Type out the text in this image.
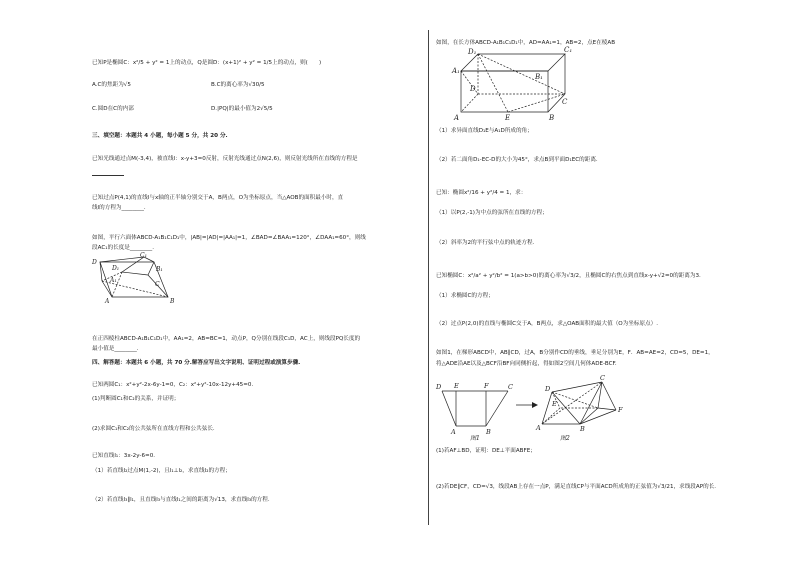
已知P是椭圆C：x²/5 + y² = 1上的动点，Q是圆D：(x+1)² + y² = 1/5上的动点，则(　　)
A.C的焦距为√5	B.C的离心率为√30/5
C.圆D在C的内部	D.|PQ|的最小值为2√5/5
三、填空题：本题共 4 小题，每小题 5 分，共 20 分.
已知光线通过点M(-3,4)，被直线l：x-y+3=0反射，反射光线通过点N(2,6)，则反射光线所在直线的方程是
已知过点P(4,1)的直线l与x轴的正半轴分别交于A，B两点，O为坐标原点，当△AOB的面积最小时，直
线l的方程为________.
如图，平行六面体ABCD-A₁B₁C₁D₁中，|AB|=|AD|=|AA₁|=1，∠BAD=∠BAA₁=120°，∠DAA₁=60°，则线
段AC₁的长度是________.
D
C
A	B
D₁
C₁
A₁
B₁
在正四棱柱ABCD-A₁B₁C₁D₁中，AA₁=2，AB=BC=1，动点P，Q分别在线段C₁D，AC上，则线段PQ长度的
最小值是________.
四、解答题：本题共 6 小题，共 70 分.解答应写出文字说明、证明过程或演算步骤.
已知两圆C₁：x²+y²-2x-6y-1=0，C₂：x²+y²-10x-12y+45=0.
(1)判断圆C₁和C₂的关系，并证明；
(2)求圆C₁和C₂的公共弦所在直线方程和公共弦长.
已知直线l₁：3x-2y-6=0.
（1）若直线l₂过点M(1,-2)，且l₁⊥l₂，求直线l₂的方程；
（2）若直线l₃∥l₁，且直线l₃与直线l₁之间的距离为√13，求直线l₃的方程.
如图，在长方体ABCD-A₁B₁C₁D₁中，AD=AA₁=1，AB=2，点E在棱AB
D₁	C₁
A₁
B₁
D
C
A	E	B
（1）求异面直线D₁E与A₁D所成的角；
（2）若二面角D₁-EC-D的大小为45°，求点B到平面D₁EC的距离.
已知：椭圆x²/16 + y²/4 = 1，求：
（1）以P(2,-1)为中点的弦所在直线的方程；
（2）斜率为2的平行弦中点的轨迹方程.
已知椭圆C：x²/a² + y²/b² = 1(a>b>0)的离心率为√3/2，且椭圆C的右焦点到直线x-y+√2=0的距离为3.
（1）求椭圆C的方程；
（2）过点P(2,0)的直线与椭圆C交于A，B两点，求△OAB面积的最大值（O为坐标原点）.
如图1，在梯形ABCD中，AB∥CD，过A，B分别作CD的垂线，垂足分别为E，F．AB=AE=2，CD=5，DE=1，
将△ADE沿AE以及△BCF沿BF向同侧折起，得如图2空间几何体ADE-BCF.
D E	F	C
A	B
图1
D
C
E
F
A	B
图2
(1)若AF⊥BD，证明：DE⊥平面ABFE；
(2)若DE∥CF，CD=√3，线段AB上存在一点P，满足直线CP与平面ACD所成角的正弦值为√3/21，求线段AP的长.
